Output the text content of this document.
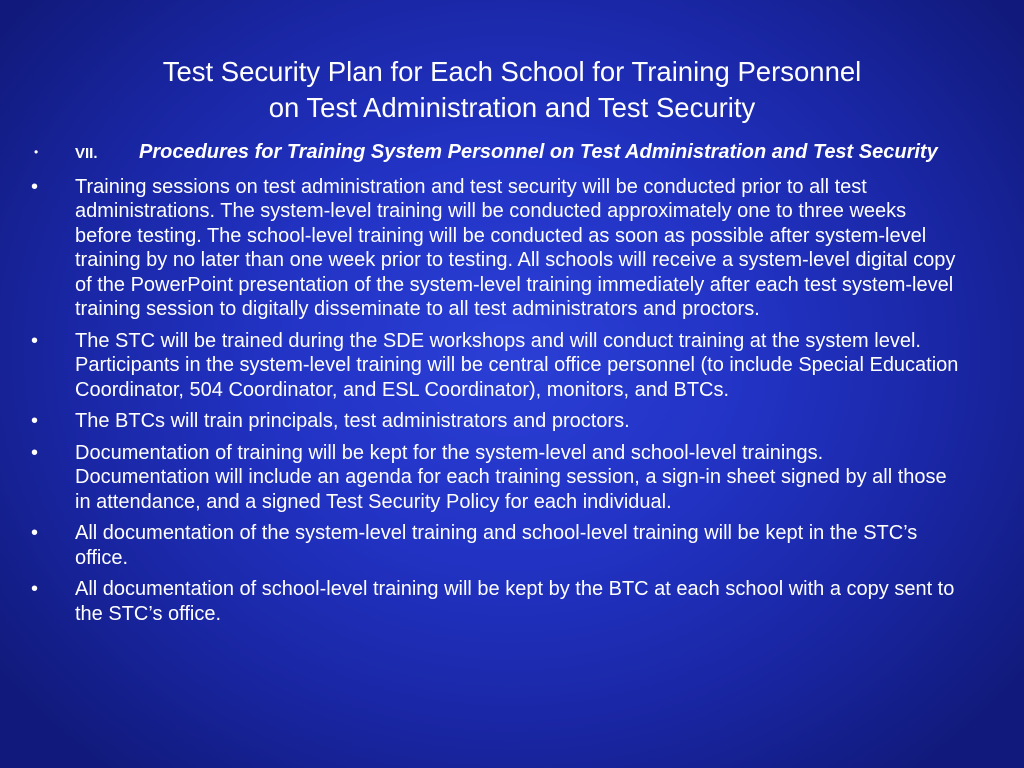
Test Security Plan for Each School for Training Personnel
on Test Administration and Test Security
• VII. Procedures for Training System Personnel on Test Administration and Test Security
• Training sessions on test administration and test security will be conducted prior to all test administrations. The system-level training will be conducted approximately one to three weeks before testing. The school-level training will be conducted as soon as possible after system-level training by no later than one week prior to testing. All schools will receive a system-level digital copy of the PowerPoint presentation of the system-level training immediately after each test system-level training session to digitally disseminate to all test administrators and proctors.
• The STC will be trained during the SDE workshops and will conduct training at the system level. Participants in the system-level training will be central office personnel (to include Special Education Coordinator, 504 Coordinator, and ESL Coordinator), monitors, and BTCs.
• The BTCs will train principals, test administrators and proctors.
• Documentation of training will be kept for the system-level and school-level trainings. Documentation will include an agenda for each training session, a sign-in sheet signed by all those in attendance, and a signed Test Security Policy for each individual.
• All documentation of the system-level training and school-level training will be kept in the STC’s office.
• All documentation of school-level training will be kept by the BTC at each school with a copy sent to the STC’s office.
